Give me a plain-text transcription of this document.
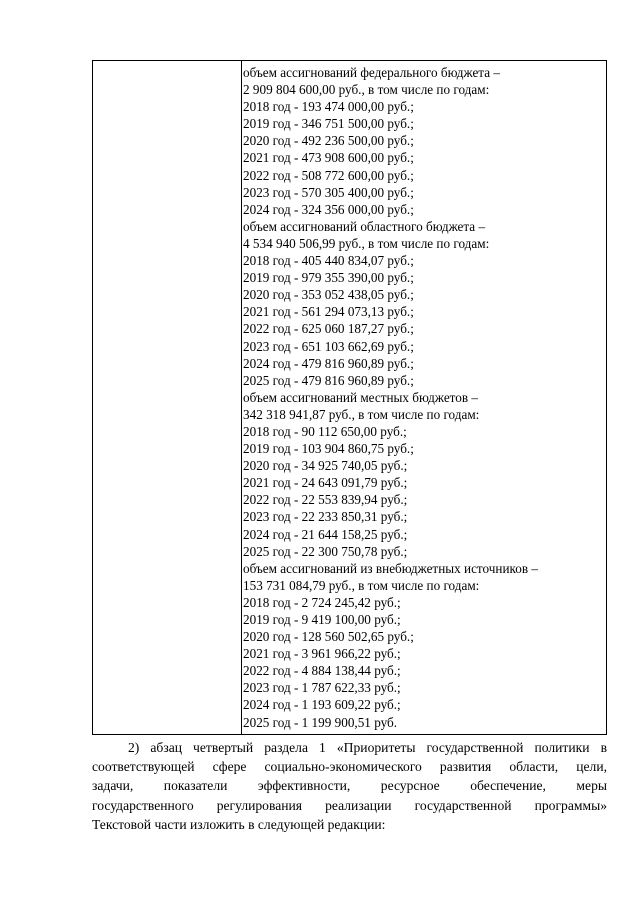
объем ассигнований федерального бюджета –
2 909 804 600,00 руб., в том числе по годам:
2018 год - 193 474 000,00 руб.;
2019 год - 346 751 500,00 руб.;
2020 год - 492 236 500,00 руб.;
2021 год - 473 908 600,00 руб.;
2022 год - 508 772 600,00 руб.;
2023 год - 570 305 400,00 руб.;
2024 год - 324 356 000,00 руб.;
объем ассигнований областного бюджета –
4 534 940 506,99 руб., в том числе по годам:
2018 год - 405 440 834,07 руб.;
2019 год - 979 355 390,00 руб.;
2020 год - 353 052 438,05 руб.;
2021 год - 561 294 073,13 руб.;
2022 год - 625 060 187,27 руб.;
2023 год - 651 103 662,69 руб.;
2024 год - 479 816 960,89 руб.;
2025 год - 479 816 960,89 руб.;
объем ассигнований местных бюджетов –
342 318 941,87 руб., в том числе по годам:
2018 год - 90 112 650,00 руб.;
2019 год - 103 904 860,75 руб.;
2020 год - 34 925 740,05 руб.;
2021 год - 24 643 091,79 руб.;
2022 год - 22 553 839,94 руб.;
2023 год - 22 233 850,31 руб.;
2024 год - 21 644 158,25 руб.;
2025 год - 22 300 750,78 руб.;
объем ассигнований из внебюджетных источников –
153 731 084,79 руб., в том числе по годам:
2018 год - 2 724 245,42 руб.;
2019 год - 9 419 100,00 руб.;
2020 год - 128 560 502,65 руб.;
2021 год - 3 961 966,22 руб.;
2022 год - 4 884 138,44 руб.;
2023 год - 1 787 622,33 руб.;
2024 год - 1 193 609,22 руб.;
2025 год - 1 199 900,51 руб.
2) абзац четвертый раздела 1 «Приоритеты государственной политики в
соответствующей сфере социально-экономического развития области, цели,
задачи, показатели эффективности, ресурсное обеспечение, меры
государственного регулирования реализации государственной программы»
Текстовой части изложить в следующей редакции:
